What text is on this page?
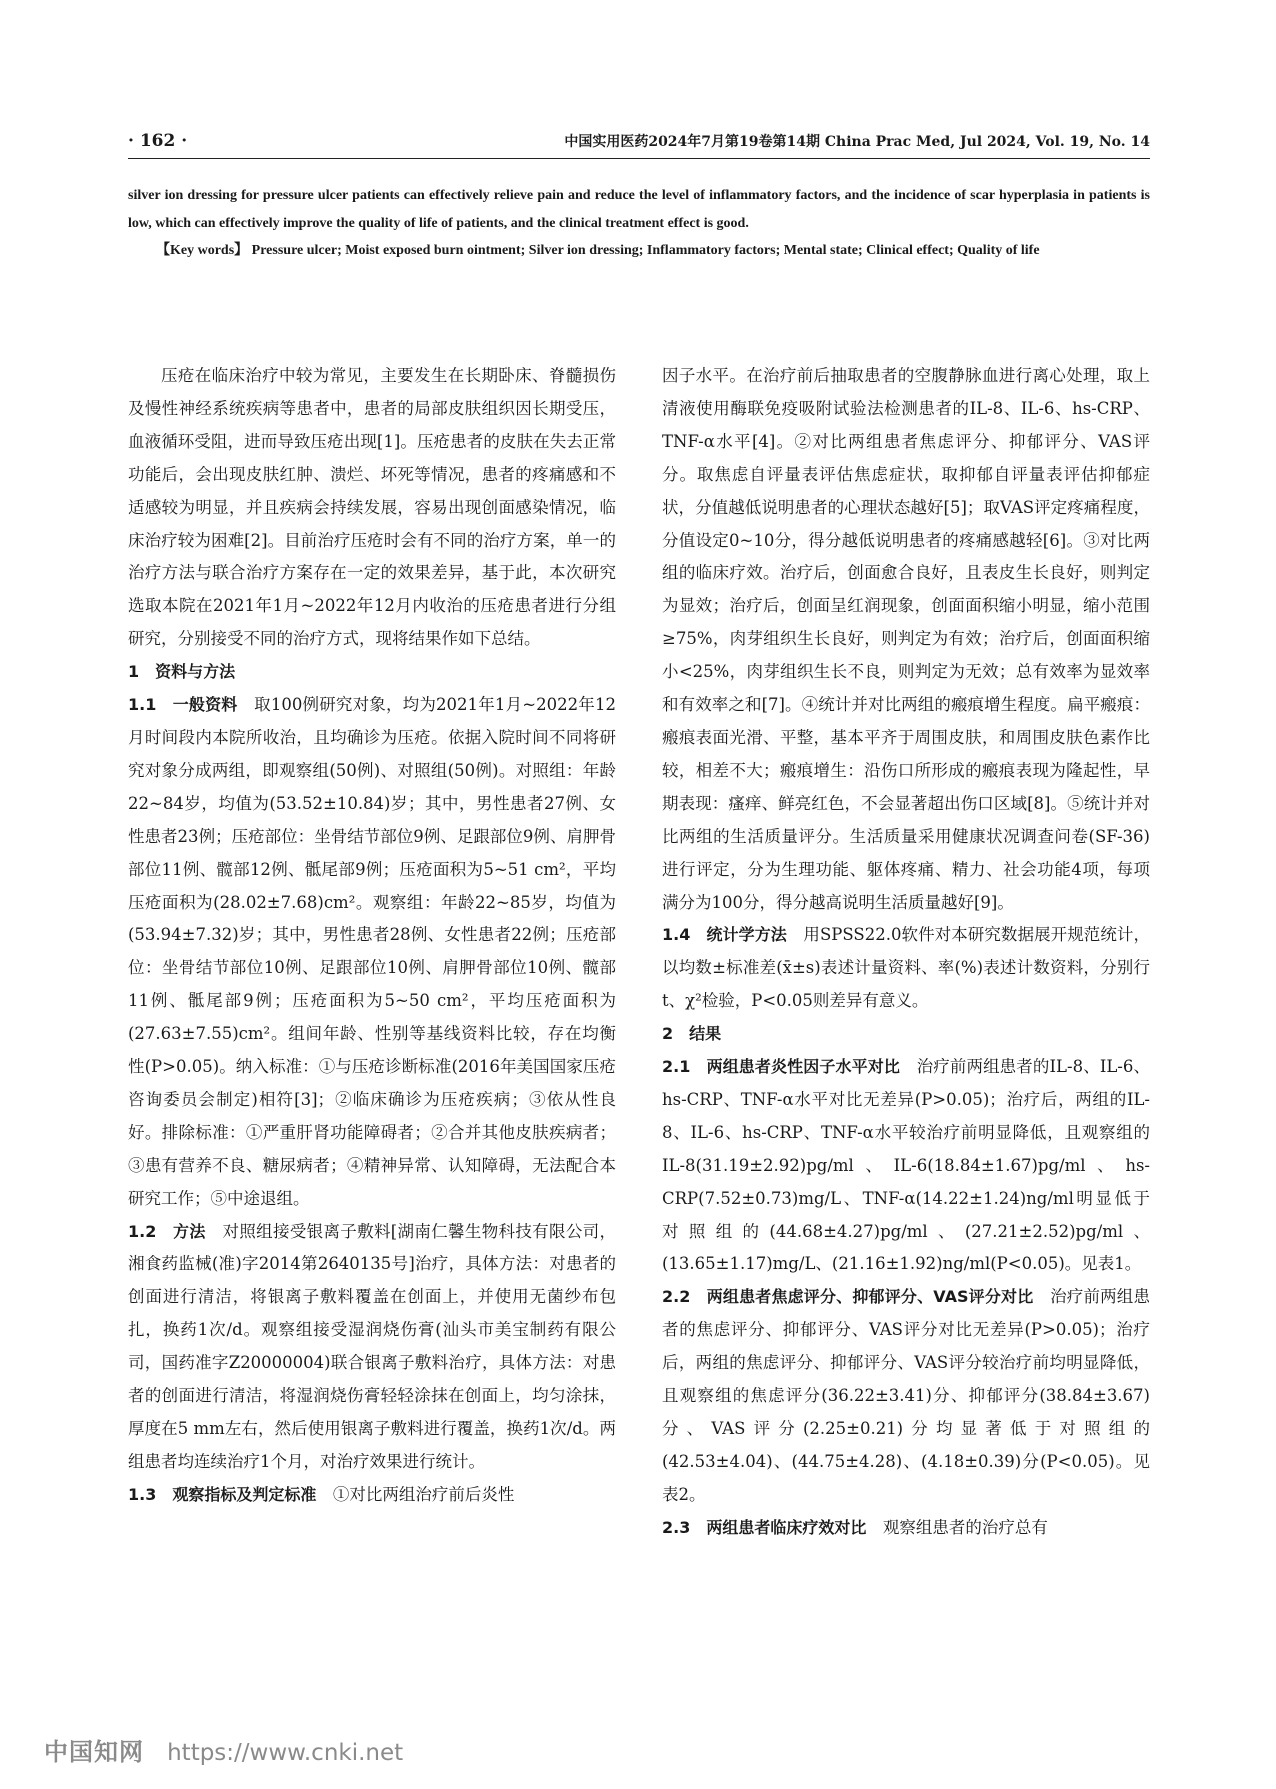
· 162 ·	中国实用医药2024年7月第19卷第14期 China Prac Med, Jul 2024, Vol. 19, No. 14

silver ion dressing for pressure ulcer patients can effectively relieve pain and reduce the level of inflammatory factors, and the incidence of scar hyperplasia in patients is low, which can effectively improve the quality of life of patients, and the clinical treatment effect is good.

【Key words】 Pressure ulcer; Moist exposed burn ointment; Silver ion dressing; Inflammatory factors; Mental state; Clinical effect; Quality of life

压疮在临床治疗中较为常见，主要发生在长期卧床、脊髓损伤及慢性神经系统疾病等患者中，患者的局部皮肤组织因长期受压，血液循环受阻，进而导致压疮出现[1]。压疮患者的皮肤在失去正常功能后，会出现皮肤红肿、溃烂、坏死等情况，患者的疼痛感和不适感较为明显，并且疾病会持续发展，容易出现创面感染情况，临床治疗较为困难[2]。目前治疗压疮时会有不同的治疗方案，单一的治疗方法与联合治疗方案存在一定的效果差异，基于此，本次研究选取本院在2021年1月~2022年12月内收治的压疮患者进行分组研究，分别接受不同的治疗方式，现将结果作如下总结。

1　资料与方法

1.1　一般资料　取100例研究对象，均为2021年1月~2022年12月时间段内本院所收治，且均确诊为压疮。依据入院时间不同将研究对象分成两组，即观察组(50例)、对照组(50例)。对照组：年龄22~84岁，均值为(53.52±10.84)岁；其中，男性患者27例、女性患者23例；压疮部位：坐骨结节部位9例、足跟部位9例、肩胛骨部位11例、髋部12例、骶尾部9例；压疮面积为5~51 cm²，平均压疮面积为(28.02±7.68)cm²。观察组：年龄22~85岁，均值为(53.94±7.32)岁；其中，男性患者28例、女性患者22例；压疮部位：坐骨结节部位10例、足跟部位10例、肩胛骨部位10例、髋部11例、骶尾部9例；压疮面积为5~50 cm²，平均压疮面积为(27.63±7.55)cm²。组间年龄、性别等基线资料比较，存在均衡性(P>0.05)。纳入标准：①与压疮诊断标准(2016年美国国家压疮咨询委员会制定)相符[3]；②临床确诊为压疮疾病；③依从性良好。排除标准：①严重肝肾功能障碍者；②合并其他皮肤疾病者；③患有营养不良、糖尿病者；④精神异常、认知障碍，无法配合本研究工作；⑤中途退组。

1.2　方法　对照组接受银离子敷料[湖南仁馨生物科技有限公司，湘食药监械(准)字2014第2640135号]治疗，具体方法：对患者的创面进行清洁，将银离子敷料覆盖在创面上，并使用无菌纱布包扎，换药1次/d。观察组接受湿润烧伤膏(汕头市美宝制药有限公司，国药准字Z20000004)联合银离子敷料治疗，具体方法：对患者的创面进行清洁，将湿润烧伤膏轻轻涂抹在创面上，均匀涂抹，厚度在5 mm左右，然后使用银离子敷料进行覆盖，换药1次/d。两组患者均连续治疗1个月，对治疗效果进行统计。

1.3　观察指标及判定标准　①对比两组治疗前后炎性

因子水平。在治疗前后抽取患者的空腹静脉血进行离心处理，取上清液使用酶联免疫吸附试验法检测患者的IL-8、IL-6、hs-CRP、TNF-α水平[4]。②对比两组患者焦虑评分、抑郁评分、VAS评分。取焦虑自评量表评估焦虑症状，取抑郁自评量表评估抑郁症状，分值越低说明患者的心理状态越好[5]；取VAS评定疼痛程度，分值设定0~10分，得分越低说明患者的疼痛感越轻[6]。③对比两组的临床疗效。治疗后，创面愈合良好，且表皮生长良好，则判定为显效；治疗后，创面呈红润现象，创面面积缩小明显，缩小范围≥75%，肉芽组织生长良好，则判定为有效；治疗后，创面面积缩小<25%，肉芽组织生长不良，则判定为无效；总有效率为显效率和有效率之和[7]。④统计并对比两组的瘢痕增生程度。扁平瘢痕：瘢痕表面光滑、平整，基本平齐于周围皮肤，和周围皮肤色素作比较，相差不大；瘢痕增生：沿伤口所形成的瘢痕表现为隆起性，早期表现：瘙痒、鲜亮红色，不会显著超出伤口区域[8]。⑤统计并对比两组的生活质量评分。生活质量采用健康状况调查问卷(SF-36)进行评定，分为生理功能、躯体疼痛、精力、社会功能4项，每项满分为100分，得分越高说明生活质量越好[9]。

1.4　统计学方法　用SPSS22.0软件对本研究数据展开规范统计，以均数±标准差(x̄±s)表述计量资料、率(%)表述计数资料，分别行t、χ²检验，P<0.05则差异有意义。

2　结果

2.1　两组患者炎性因子水平对比　治疗前两组患者的IL-8、IL-6、hs-CRP、TNF-α水平对比无差异(P>0.05)；治疗后，两组的IL-8、IL-6、hs-CRP、TNF-α水平较治疗前明显降低，且观察组的IL-8(31.19±2.92)pg/ml、IL-6(18.84±1.67)pg/ml、hs-CRP(7.52±0.73)mg/L、TNF-α(14.22±1.24)ng/ml明显低于对照组的(44.68±4.27)pg/ml、(27.21±2.52)pg/ml、(13.65±1.17)mg/L、(21.16±1.92)ng/ml(P<0.05)。见表1。

2.2　两组患者焦虑评分、抑郁评分、VAS评分对比　治疗前两组患者的焦虑评分、抑郁评分、VAS评分对比无差异(P>0.05)；治疗后，两组的焦虑评分、抑郁评分、VAS评分较治疗前均明显降低，且观察组的焦虑评分(36.22±3.41)分、抑郁评分(38.84±3.67)分、VAS评分(2.25±0.21)分均显著低于对照组的(42.53±4.04)、(44.75±4.28)、(4.18±0.39)分(P<0.05)。见表2。

2.3　两组患者临床疗效对比　观察组患者的治疗总有

中国知网 https://www.cnki.net
